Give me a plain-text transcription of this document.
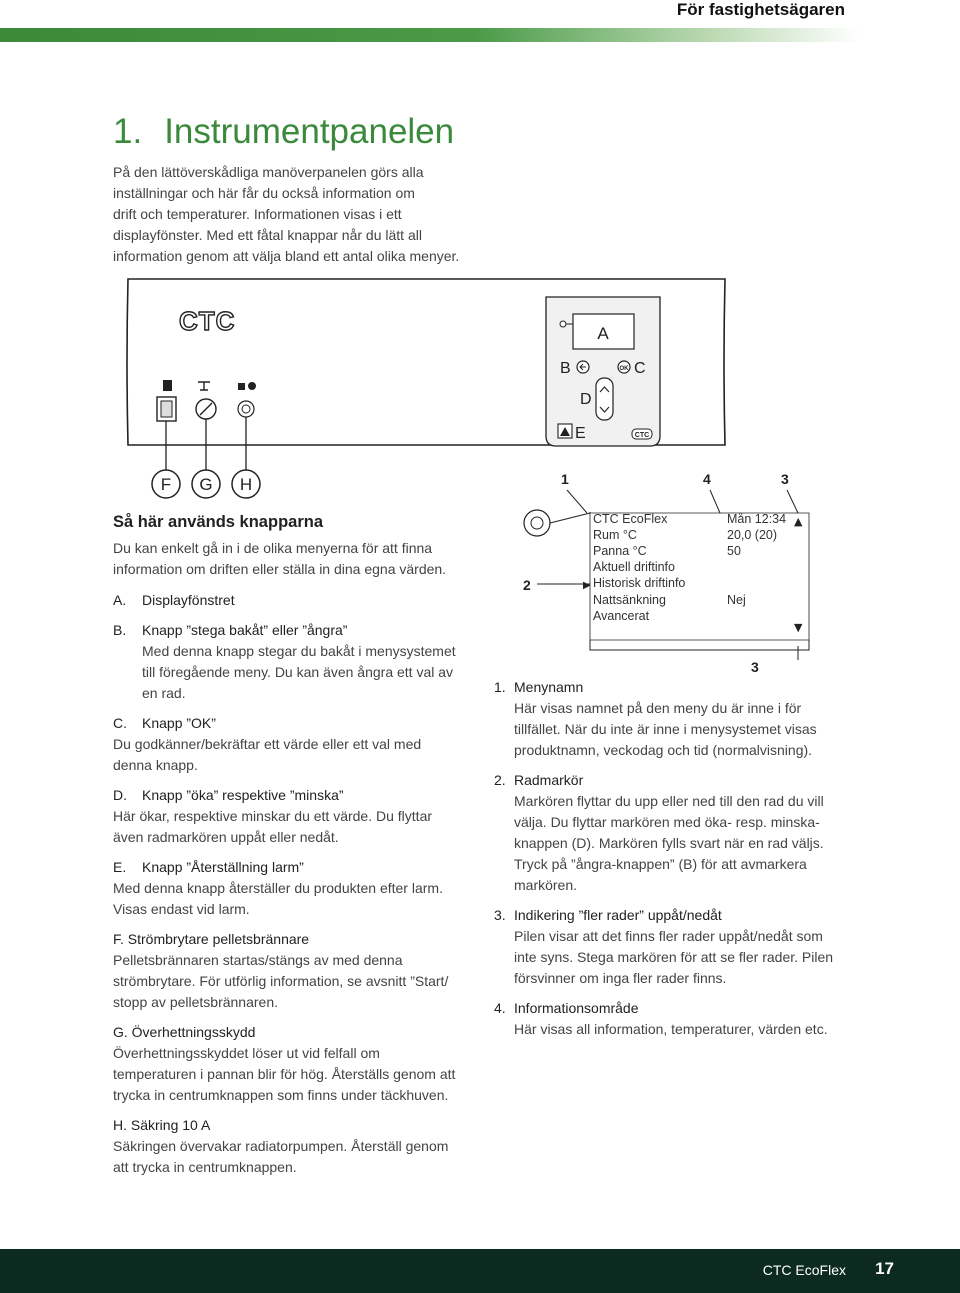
För fastighetsägaren
1. Instrumentpanelen
På den lättöverskådliga manöverpanelen görs alla
inställningar och här får du också information om
drift och temperaturer. Informationen visas i ett
displayfönster. Med ett fåtal knappar når du lätt all
information genom att välja bland ett antal olika menyer.
CTC
F G H
A
B	OK C
D
E	CTC
1	4	3
2
3
▲
▼
▶
CTC EcoFlex	Mån 12:34
Rum °C	20,0 (20)
Panna °C	50
Aktuell driftinfo
Historisk driftinfo
Nattsänkning	Nej
Avancerat
Så här används knapparna
Du kan enkelt gå in i de olika menyerna för att finna
information om driften eller ställa in dina egna värden.
A. Displayfönstret
B. Knapp ”stega bakåt” eller ”ångra”
Med denna knapp stegar du bakåt i menysystemet
till föregående meny. Du kan även ångra ett val av
en rad.
C. Knapp ”OK”
Du godkänner/bekräftar ett värde eller ett val med
denna knapp.
D. Knapp ”öka” respektive ”minska”
Här ökar, respektive minskar du ett värde. Du flyttar
även radmarkören uppåt eller nedåt.
E. Knapp ”Återställning larm”
Med denna knapp återställer du produkten efter larm.
Visas endast vid larm.
F. Strömbrytare pelletsbrännare
Pelletsbrännaren startas/stängs av med denna
strömbrytare. För utförlig information, se avsnitt ”Start/
stopp av pelletsbrännaren.
G. Överhettningsskydd
Överhettningsskyddet löser ut vid felfall om
temperaturen i pannan blir för hög. Återställs genom att
trycka in centrumknappen som finns under täckhuven.
H. Säkring 10 A
Säkringen övervakar radiatorpumpen. Återställ genom
att trycka in centrumknappen.
1. Menynamn
Här visas namnet på den meny du är inne i för
tillfället. När du inte är inne i menysystemet visas
produktnamn, veckodag och tid (normalvisning).
2. Radmarkör
Markören flyttar du upp eller ned till den rad du vill
välja. Du flyttar markören med öka- resp. minska-
knappen (D). Markören fylls svart när en rad väljs.
Tryck på ”ångra-knappen” (B) för att avmarkera
markören.
3. Indikering ”fler rader” uppåt/nedåt
Pilen visar att det finns fler rader uppåt/nedåt som
inte syns. Stega markören för att se fler rader. Pilen
försvinner om inga fler rader finns.
4. Informationsområde
Här visas all information, temperaturer, värden etc.
CTC EcoFlex 17
